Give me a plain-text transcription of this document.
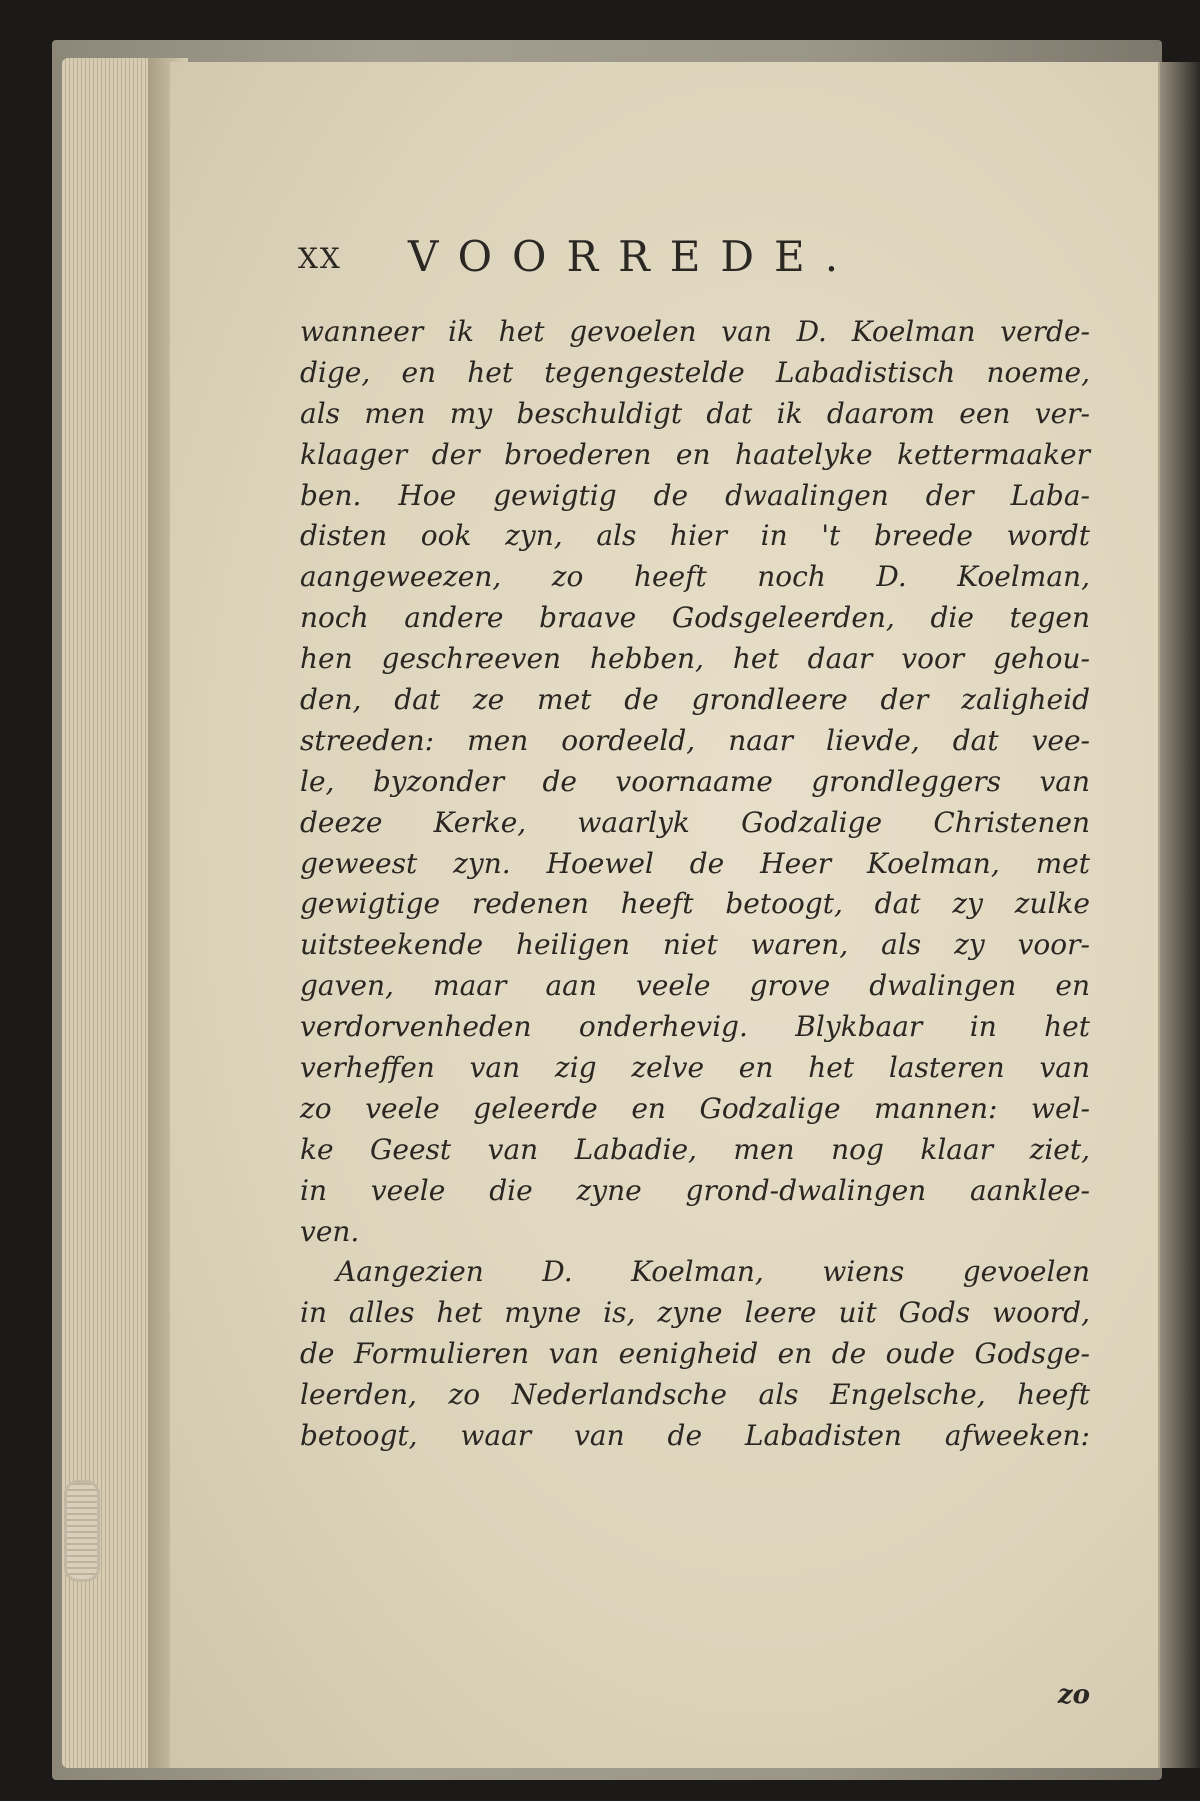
XX VOORREDE.
wanneer ik het gevoelen van D. Koelman verde-
dige, en het tegengestelde Labadistisch noeme,
als men my beschuldigt dat ik daarom een ver-
klaager der broederen en haatelyke kettermaaker
ben. Hoe gewigtig de dwaalingen der Laba-
disten ook zyn, als hier in 't breede wordt
aangeweezen, zo heeft noch D. Koelman,
noch andere braave Godsgeleerden, die tegen
hen geschreeven hebben, het daar voor gehou-
den, dat ze met de grondleere der zaligheid
streeden: men oordeeld, naar lievde, dat vee-
le, byzonder de voornaame grondleggers van
deeze Kerke, waarlyk Godzalige Christenen
geweest zyn. Hoewel de Heer Koelman, met
gewigtige redenen heeft betoogt, dat zy zulke
uitsteekende heiligen niet waren, als zy voor-
gaven, maar aan veele grove dwalingen en
verdorvenheden onderhevig. Blykbaar in het
verheffen van zig zelve en het lasteren van
zo veele geleerde en Godzalige mannen: wel-
ke Geest van Labadie, men nog klaar ziet,
in veele die zyne grond-dwalingen aanklee-
ven.
Aangezien D. Koelman, wiens gevoelen
in alles het myne is, zyne leere uit Gods woord,
de Formulieren van eenigheid en de oude Godsge-
leerden, zo Nederlandsche als Engelsche, heeft
betoogt, waar van de Labadisten afweeken:
zo
